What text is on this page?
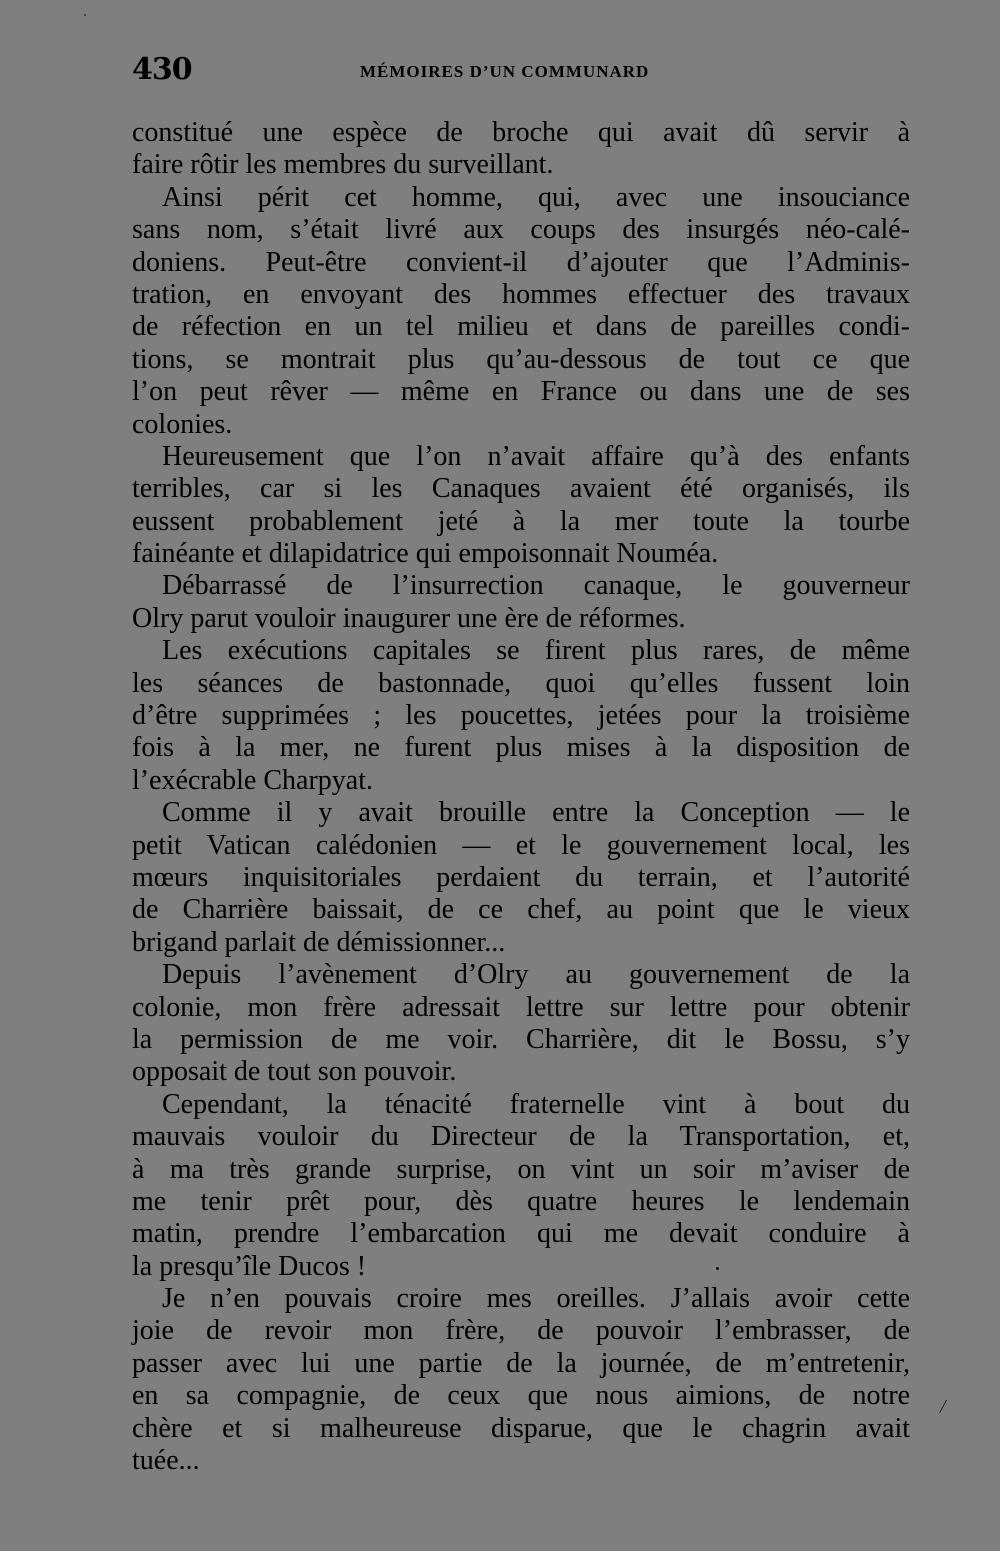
430	MÉMOIRES D’UN COMMUNARD
constitué une espèce de broche qui avait dû servir à
faire rôtir les membres du surveillant.
Ainsi périt cet homme, qui, avec une insouciance
sans nom, s’était livré aux coups des insurgés néo-calé-
doniens. Peut-être convient-il d’ajouter que l’Adminis-
tration, en envoyant des hommes effectuer des travaux
de réfection en un tel milieu et dans de pareilles condi-
tions, se montrait plus qu’au-dessous de tout ce que
l’on peut rêver — même en France ou dans une de ses
colonies.
Heureusement que l’on n’avait affaire qu’à des enfants
terribles, car si les Canaques avaient été organisés, ils
eussent probablement jeté à la mer toute la tourbe
fainéante et dilapidatrice qui empoisonnait Nouméa.
Débarrassé de l’insurrection canaque, le gouverneur
Olry parut vouloir inaugurer une ère de réformes.
Les exécutions capitales se firent plus rares, de même
les séances de bastonnade, quoi qu’elles fussent loin
d’être supprimées ; les poucettes, jetées pour la troisième
fois à la mer, ne furent plus mises à la disposition de
l’exécrable Charpyat.
Comme il y avait brouille entre la Conception — le
petit Vatican calédonien — et le gouvernement local, les
mœurs inquisitoriales perdaient du terrain, et l’autorité
de Charrière baissait, de ce chef, au point que le vieux
brigand parlait de démissionner...
Depuis l’avènement d’Olry au gouvernement de la
colonie, mon frère adressait lettre sur lettre pour obtenir
la permission de me voir. Charrière, dit le Bossu, s’y
opposait de tout son pouvoir.
Cependant, la ténacité fraternelle vint à bout du
mauvais vouloir du Directeur de la Transportation, et,
à ma très grande surprise, on vint un soir m’aviser de
me tenir prêt pour, dès quatre heures le lendemain
matin, prendre l’embarcation qui me devait conduire à
la presqu’île Ducos !
Je n’en pouvais croire mes oreilles. J’allais avoir cette
joie de revoir mon frère, de pouvoir l’embrasser, de
passer avec lui une partie de la journée, de m’entretenir,
en sa compagnie, de ceux que nous aimions, de notre
chère et si malheureuse disparue, que le chagrin avait
tuée...
/
